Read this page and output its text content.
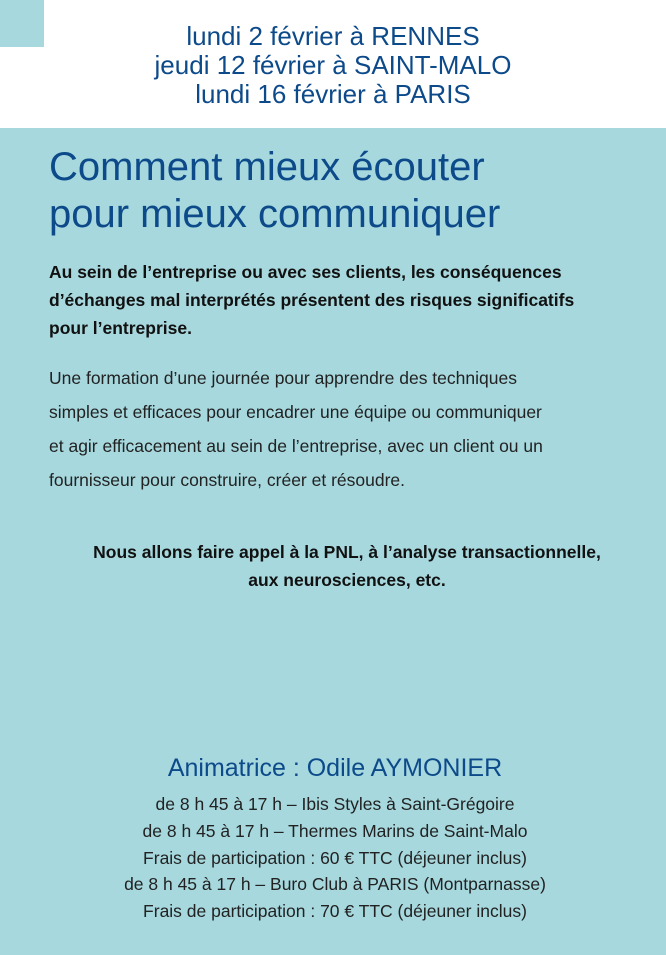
lundi 2 février à RENNES
jeudi 12 février à SAINT-MALO
lundi 16 février à PARIS
Comment mieux écouter
pour mieux communiquer
Au sein de l’entreprise ou avec ses clients, les conséquences
d’échanges mal interprétés présentent des risques significatifs
pour l’entreprise.
Une formation d’une journée pour apprendre des techniques
simples et efficaces pour encadrer une équipe ou communiquer
et agir efficacement au sein de l’entreprise, avec un client ou un
fournisseur pour construire, créer et résoudre.
Nous allons faire appel à la PNL, à l’analyse transactionnelle,
aux neurosciences, etc.
Animatrice : Odile AYMONIER
de 8 h 45 à 17 h – Ibis Styles à Saint-Grégoire
de 8 h 45 à 17 h – Thermes Marins de Saint-Malo
Frais de participation : 60 € TTC (déjeuner inclus)
de 8 h 45 à 17 h – Buro Club à PARIS (Montparnasse)
Frais de participation : 70 € TTC (déjeuner inclus)
